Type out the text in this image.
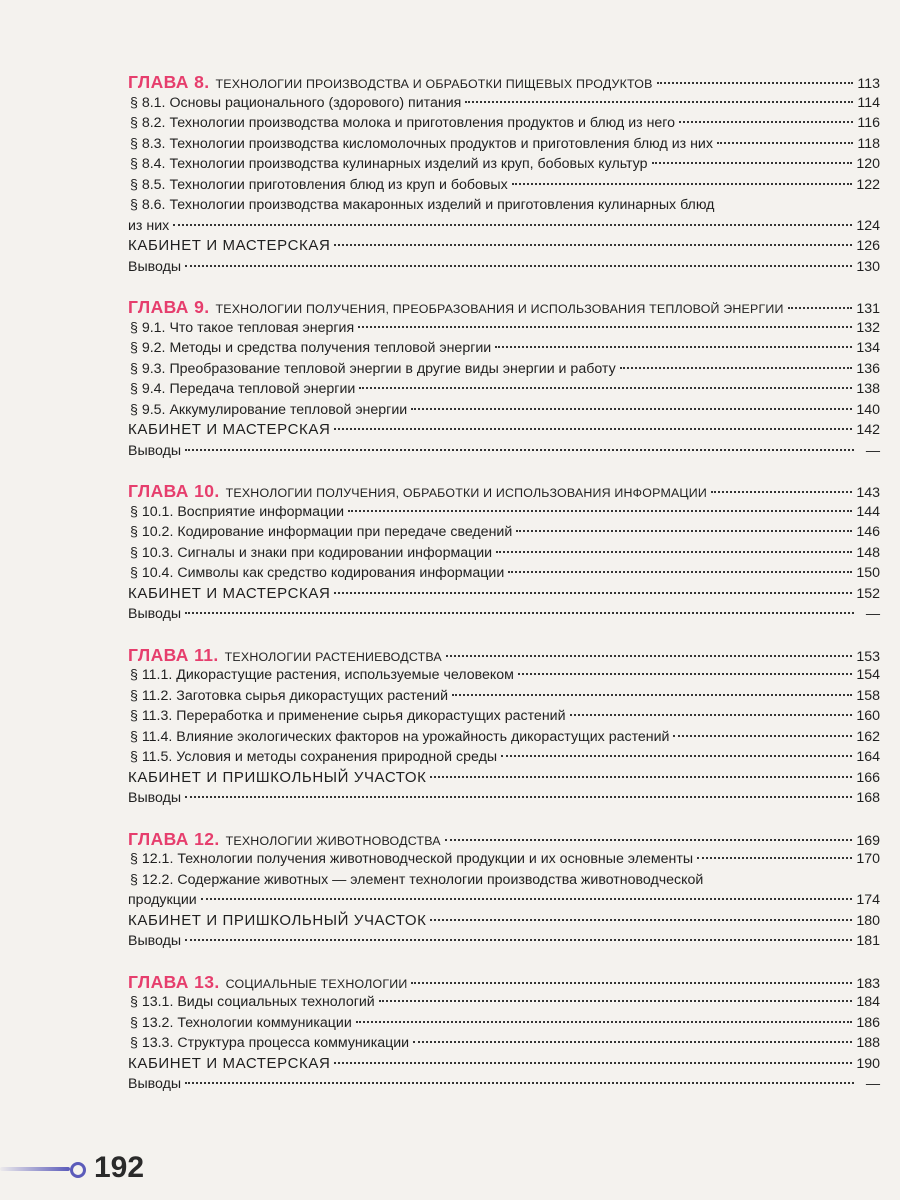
ГЛАВА 8. ТЕХНОЛОГИИ ПРОИЗВОДСТВА И ОБРАБОТКИ ПИЩЕВЫХ ПРОДУКТОВ	113
§ 8.1. Основы рационального (здорового) питания	114
§ 8.2. Технологии производства молока и приготовления продуктов и блюд из него	116
§ 8.3. Технологии производства кисломолочных продуктов и приготовления блюд из них	118
§ 8.4. Технологии производства кулинарных изделий из круп, бобовых культур	120
§ 8.5. Технологии приготовления блюд из круп и бобовых	122
§ 8.6. Технологии производства макаронных изделий и приготовления кулинарных блюд
из них	124
КАБИНЕТ И МАСТЕРСКАЯ	126
Выводы	130
ГЛАВА 9. ТЕХНОЛОГИИ ПОЛУЧЕНИЯ, ПРЕОБРАЗОВАНИЯ И ИСПОЛЬЗОВАНИЯ ТЕПЛОВОЙ ЭНЕРГИИ	131
§ 9.1. Что такое тепловая энергия	132
§ 9.2. Методы и средства получения тепловой энергии	134
§ 9.3. Преобразование тепловой энергии в другие виды энергии и работу	136
§ 9.4. Передача тепловой энергии	138
§ 9.5. Аккумулирование тепловой энергии	140
КАБИНЕТ И МАСТЕРСКАЯ	142
Выводы	—
ГЛАВА 10. ТЕХНОЛОГИИ ПОЛУЧЕНИЯ, ОБРАБОТКИ И ИСПОЛЬЗОВАНИЯ ИНФОРМАЦИИ	143
§ 10.1. Восприятие информации	144
§ 10.2. Кодирование информации при передаче сведений	146
§ 10.3. Сигналы и знаки при кодировании информации	148
§ 10.4. Символы как средство кодирования информации	150
КАБИНЕТ И МАСТЕРСКАЯ	152
Выводы	—
ГЛАВА 11. ТЕХНОЛОГИИ РАСТЕНИЕВОДСТВА	153
§ 11.1. Дикорастущие растения, используемые человеком	154
§ 11.2. Заготовка сырья дикорастущих растений	158
§ 11.3. Переработка и применение сырья дикорастущих растений	160
§ 11.4. Влияние экологических факторов на урожайность дикорастущих растений	162
§ 11.5. Условия и методы сохранения природной среды	164
КАБИНЕТ И ПРИШКОЛЬНЫЙ УЧАСТОК	166
Выводы	168
ГЛАВА 12. ТЕХНОЛОГИИ ЖИВОТНОВОДСТВА	169
§ 12.1. Технологии получения животноводческой продукции и их основные элементы	170
§ 12.2. Содержание животных — элемент технологии производства животноводческой
продукции	174
КАБИНЕТ И ПРИШКОЛЬНЫЙ УЧАСТОК	180
Выводы	181
ГЛАВА 13. СОЦИАЛЬНЫЕ ТЕХНОЛОГИИ	183
§ 13.1. Виды социальных технологий	184
§ 13.2. Технологии коммуникации	186
§ 13.3. Структура процесса коммуникации	188
КАБИНЕТ И МАСТЕРСКАЯ	190
Выводы	—
192
